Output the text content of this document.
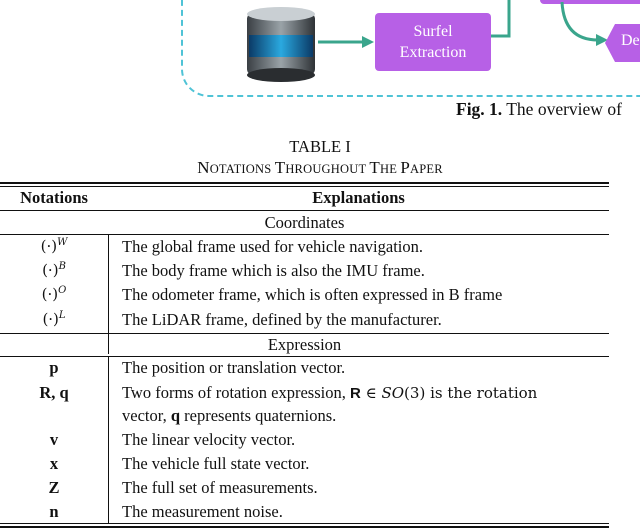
Surfel
Extraction
De
Fig. 1. The overview of
TABLE I
NOTATIONS THROUGHOUT THE PAPER
Notations	Explanations
Coordinates
$(\cdot)^W$	The global frame used for vehicle navigation.
$(\cdot)^B$	The body frame which is also the IMU frame.
$(\cdot)^O$	The odometer frame, which is often expressed in B frame
$(\cdot)^L$	The LiDAR frame, defined by the manufacturer.
Expression
p	The position or translation vector.
R, q	Two forms of rotation expression, R ∈ SO(3) is the rotation
vector, q represents quaternions.
v	The linear velocity vector.
x	The vehicle full state vector.
Z	The full set of measurements.
n	The measurement noise.
